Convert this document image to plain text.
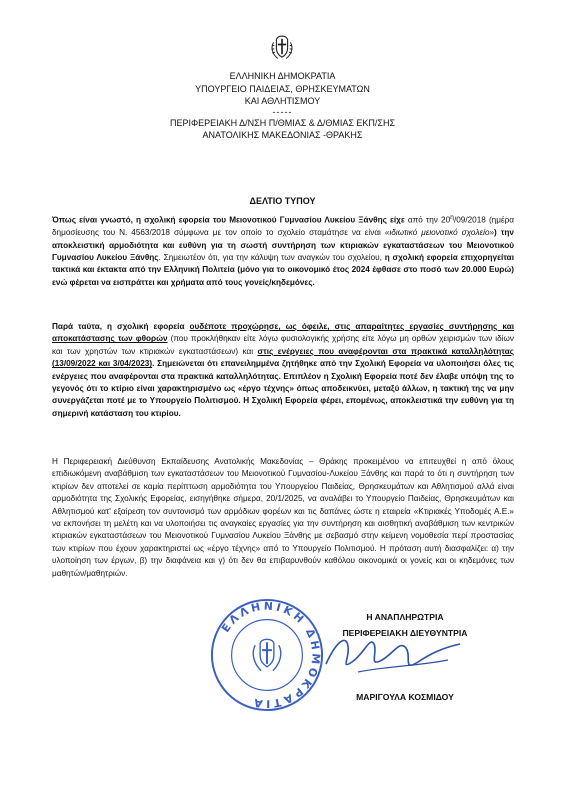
ΕΛΛΗΝΙΚΗ ΔΗΜΟΚΡΑΤΙΑ
ΥΠΟΥΡΓΕΙΟ ΠΑΙΔΕΙΑΣ, ΘΡΗΣΚΕΥΜΑΤΩΝ
ΚΑΙ ΑΘΛΗΤΙΣΜΟΥ
-----
ΠΕΡΙΦΕΡΕΙΑΚΗ Δ/ΝΣΗ Π/ΘΜΙΑΣ & Δ/ΘΜΙΑΣ ΕΚΠ/ΣΗΣ
ΑΝΑΤΟΛΙΚΗΣ ΜΑΚΕΔΟΝΙΑΣ -ΘΡΑΚΗΣ
ΔΕΛΤΙΟ ΤΥΠΟΥ
Όπως είναι γνωστό, η σχολική εφορεία του Μειονοτικού Γυμνασίου Λυκείου Ξάνθης είχε από την $20^\eta/09/2018$ (ημέρα δημοσίευσης του Ν. 4563/2018 σύμφωνα με τον οποίο το σχολείο σταμάτησε να είναι «ιδιωτικό μειονοτικό σχολείο») την αποκλειστική αρμοδιότητα και ευθύνη για τη σωστή συντήρηση των κτιριακών εγκαταστάσεων του Μειονοτικού Γυμνασίου Λυκείου Ξάνθης. Σημειωτέον ότι, για την κάλυψη των αναγκών του σχολείου, η σχολική εφορεία επιχορηγείται τακτικά και έκτακτα από την Ελληνική Πολιτεία (μόνο για το οικονομικό έτος 2024 έφθασε στο ποσό των 20.000 Ευρώ) ενώ φέρεται να εισπράττει και χρήματα από τους γονείς/κηδεμόνες.
Παρά ταύτα, η σχολική εφορεία ουδέποτε προχώρησε, ως όφειλε, στις απαραίτητες εργασίες συντήρησης και αποκατάστασης των φθορών (που προκλήθηκαν είτε λόγω φυσιολογικής χρήσης είτε λόγω μη ορθών χειρισμών των ιδίων και των χρηστών των κτιριακών εγκαταστάσεων) και στις ενέργειες που αναφέρονται στα πρακτικά καταλληλότητας (13/09/2022 και 3/04/2023). Σημειώνεται ότι επανειλημμένα ζητήθηκε από την Σχολική Εφορεία να υλοποιήσει όλες τις ενέργειες που αναφέρονται στα πρακτικά καταλληλότητας. Επιπλέον η Σχολική Εφορεία ποτέ δεν έλαβε υπόψη της το γεγονός ότι το κτίριο είναι χαρακτηρισμένο ως «έργο τέχνης» όπως αποδεικνύει, μεταξύ άλλων, η τακτική της να μην συνεργάζεται ποτέ με το Υπουργείο Πολιτισμού. Η Σχολική Εφορεία φέρει, επομένως, αποκλειστικά την ευθύνη για τη σημερινή κατάσταση του κτιρίου.
Η Περιφερειακή Διεύθυνση Εκπαίδευσης Ανατολικής Μακεδονίας – Θράκης προκειμένου να επιτευχθεί η από όλους επιδιωκόμενη αναβάθμιση των εγκαταστάσεων του Μειονοτικού Γυμνασίου-Λυκείου Ξάνθης και παρά το ότι η συντήρηση των κτιρίων δεν αποτελεί σε καμία περίπτωση αρμοδιότητα του Υπουργείου Παιδείας, Θρησκευμάτων και Αθλητισμού αλλά είναι αρμοδιότητα της Σχολικής Εφορείας, εισηγήθηκε σήμερα, 20/1/2025, να αναλάβει το Υπουργείο Παιδείας, Θρησκευμάτων και Αθλητισμού κατ' εξαίρεση τον συντονισμό των αρμόδιων φορέων και τις δαπάνες ώστε η εταιρεία «Κτιριακές Υποδομές Α.Ε.» να εκπονήσει τη μελέτη και να υλοποιήσει τις αναγκαίες εργασίες για την συντήρηση και αισθητική αναβάθμιση των κεντρικών κτιριακών εγκαταστάσεων του Μειονοτικού Γυμνασίου Λυκείου Ξάνθης με σεβασμό στην κείμενη νομοθεσία περί προστασίας των κτιρίων που έχουν χαρακτηριστεί ως «έργο τέχνης» από το Υπουργείο Πολιτισμού. Η πρόταση αυτή διασφαλίζει: α) την υλοποίηση των έργων, β) την διαφάνεια και γ) ότι δεν θα επιβαρυνθούν καθόλου οικονομικά οι γονείς και οι κηδεμόνες των μαθητών/μαθητριών.
ΕΛΛΗΝΙΚΗ ΔΗΜΟΚΡΑΤΙΑ
Η ΑΝΑΠΛΗΡΩΤΡΙΑ
ΠΕΡΙΦΕΡΕΙΑΚΗ ΔΙΕΥΘΥΝΤΡΙΑ
ΜΑΡΙΓΟΥΛΑ ΚΟΣΜΙΔΟΥ
